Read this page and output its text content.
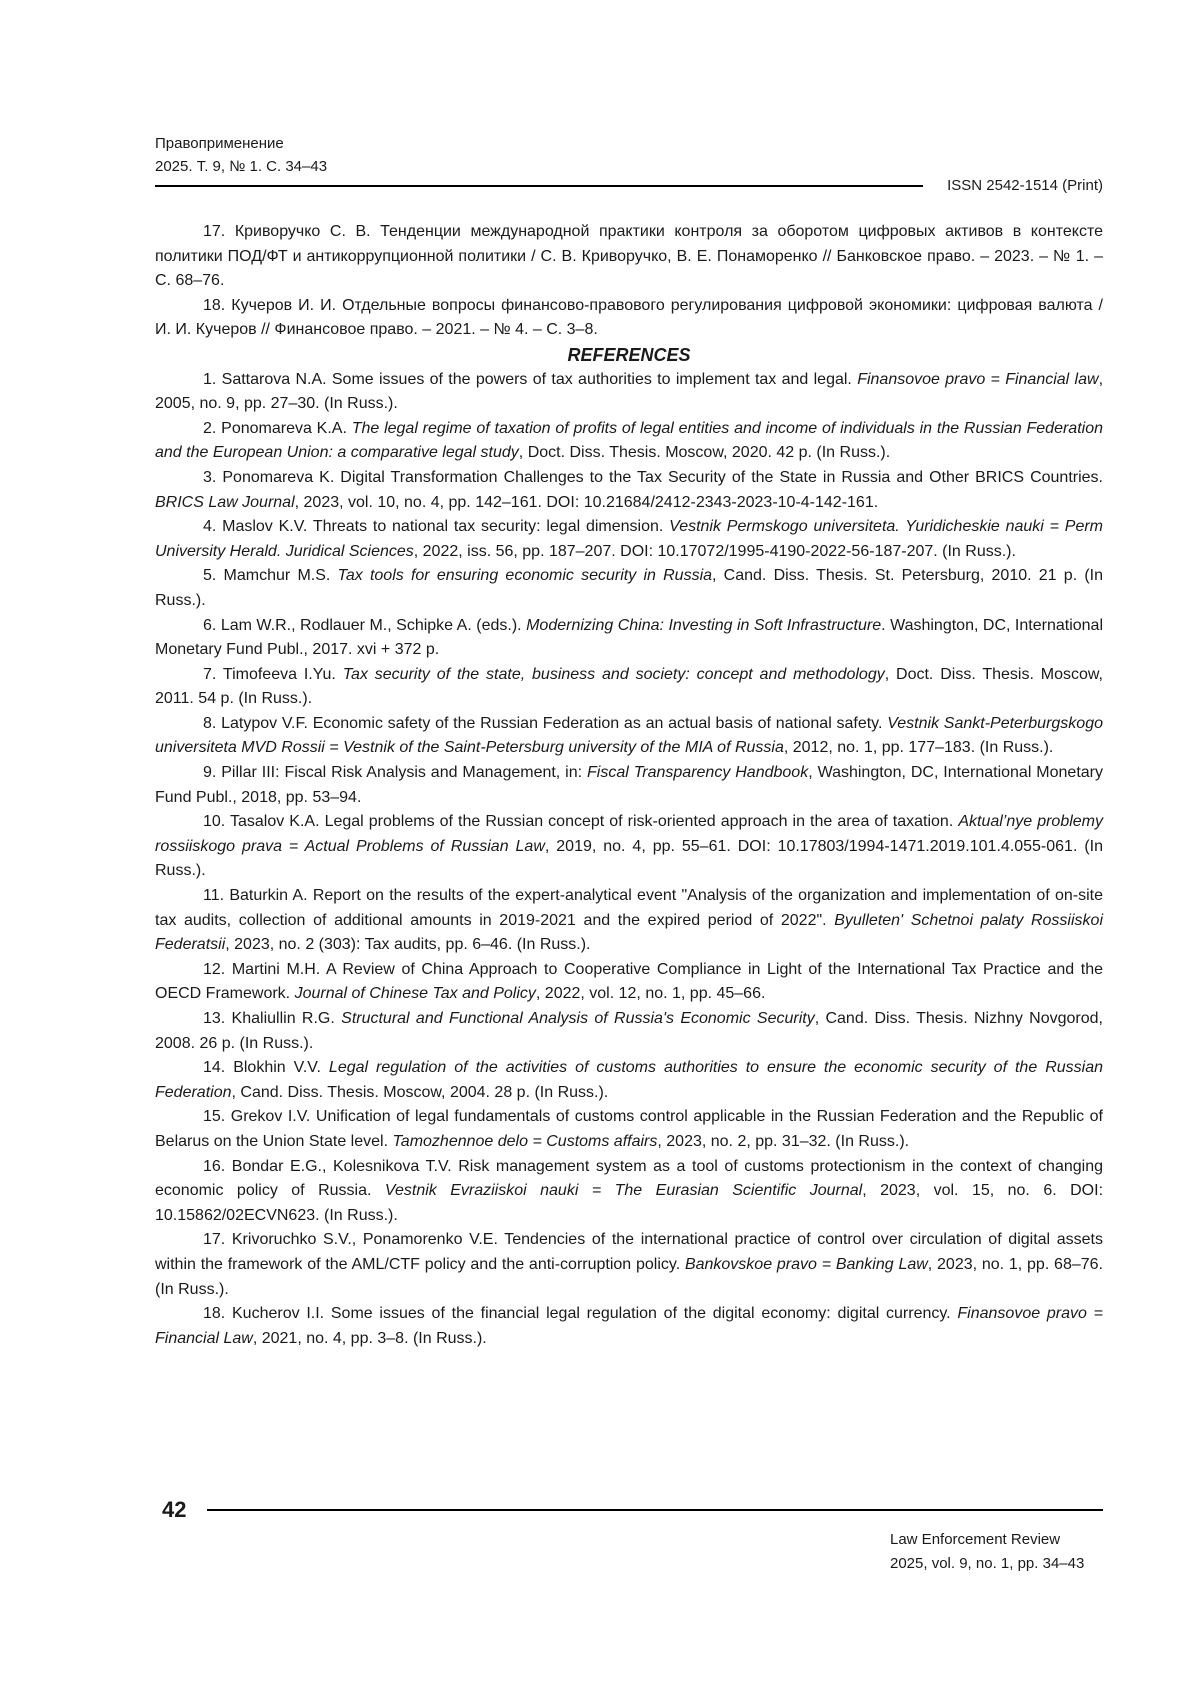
Правоприменение
2025. Т. 9, № 1. С. 34–43
ISSN 2542-1514 (Print)

17. Криворучко С. В. Тенденции международной практики контроля за оборотом цифровых активов в контексте политики ПОД/ФТ и антикоррупционной политики / С. В. Криворучко, В. Е. Понаморенко // Банковское право. – 2023. – № 1. – С. 68–76.

18. Кучеров И. И. Отдельные вопросы финансово-правового регулирования цифровой экономики: цифровая валюта / И. И. Кучеров // Финансовое право. – 2021. – № 4. – С. 3–8.

REFERENCES

1. Sattarova N.A. Some issues of the powers of tax authorities to implement tax and legal. Finansovoe pravo = Financial law, 2005, no. 9, pp. 27–30. (In Russ.).

2. Ponomareva K.A. The legal regime of taxation of profits of legal entities and income of individuals in the Russian Federation and the European Union: a comparative legal study, Doct. Diss. Thesis. Moscow, 2020. 42 p. (In Russ.).

3. Ponomareva K. Digital Transformation Challenges to the Tax Security of the State in Russia and Other BRICS Countries. BRICS Law Journal, 2023, vol. 10, no. 4, pp. 142–161. DOI: 10.21684/2412-2343-2023-10-4-142-161.

4. Maslov K.V. Threats to national tax security: legal dimension. Vestnik Permskogo universiteta. Yuridicheskie nauki = Perm University Herald. Juridical Sciences, 2022, iss. 56, pp. 187–207. DOI: 10.17072/1995-4190-2022-56-187-207. (In Russ.).

5. Mamchur M.S. Tax tools for ensuring economic security in Russia, Cand. Diss. Thesis. St. Petersburg, 2010. 21 p. (In Russ.).

6. Lam W.R., Rodlauer M., Schipke A. (eds.). Modernizing China: Investing in Soft Infrastructure. Washington, DC, International Monetary Fund Publ., 2017. xvi + 372 p.

7. Timofeeva I.Yu. Tax security of the state, business and society: concept and methodology, Doct. Diss. Thesis. Moscow, 2011. 54 p. (In Russ.).

8. Latypov V.F. Economic safety of the Russian Federation as an actual basis of national safety. Vestnik Sankt-Peterburgskogo universiteta MVD Rossii = Vestnik of the Saint-Petersburg university of the MIA of Russia, 2012, no. 1, pp. 177–183. (In Russ.).

9. Pillar III: Fiscal Risk Analysis and Management, in: Fiscal Transparency Handbook, Washington, DC, International Monetary Fund Publ., 2018, pp. 53–94.

10. Tasalov K.A. Legal problems of the Russian concept of risk-oriented approach in the area of taxation. Aktual’nye problemy rossiiskogo prava = Actual Problems of Russian Law, 2019, no. 4, pp. 55–61. DOI: 10.17803/1994-1471.2019.101.4.055-061. (In Russ.).

11. Baturkin A. Report on the results of the expert-analytical event "Analysis of the organization and implementation of on-site tax audits, collection of additional amounts in 2019-2021 and the expired period of 2022". Byulleten' Schetnoi palaty Rossiiskoi Federatsii, 2023, no. 2 (303): Tax audits, pp. 6–46. (In Russ.).

12. Martini M.H. A Review of China Approach to Cooperative Compliance in Light of the International Tax Practice and the OECD Framework. Journal of Chinese Tax and Policy, 2022, vol. 12, no. 1, pp. 45–66.

13. Khaliullin R.G. Structural and Functional Analysis of Russia's Economic Security, Cand. Diss. Thesis. Nizhny Novgorod, 2008. 26 p. (In Russ.).

14. Blokhin V.V. Legal regulation of the activities of customs authorities to ensure the economic security of the Russian Federation, Cand. Diss. Thesis. Moscow, 2004. 28 p. (In Russ.).

15. Grekov I.V. Unification of legal fundamentals of customs control applicable in the Russian Federation and the Republic of Belarus on the Union State level. Tamozhennoe delo = Customs affairs, 2023, no. 2, pp. 31–32. (In Russ.).

16. Bondar E.G., Kolesnikova T.V. Risk management system as a tool of customs protectionism in the context of changing economic policy of Russia. Vestnik Evraziiskoi nauki = The Eurasian Scientific Journal, 2023, vol. 15, no. 6. DOI: 10.15862/02ECVN623. (In Russ.).

17. Krivoruchko S.V., Ponamorenko V.E. Tendencies of the international practice of control over circulation of digital assets within the framework of the AML/CTF policy and the anti-corruption policy. Bankovskoe pravo = Banking Law, 2023, no. 1, pp. 68–76. (In Russ.).

18. Kucherov I.I. Some issues of the financial legal regulation of the digital economy: digital currency. Finansovoe pravo = Financial Law, 2021, no. 4, pp. 3–8. (In Russ.).

42
Law Enforcement Review
2025, vol. 9, no. 1, pp. 34–43
